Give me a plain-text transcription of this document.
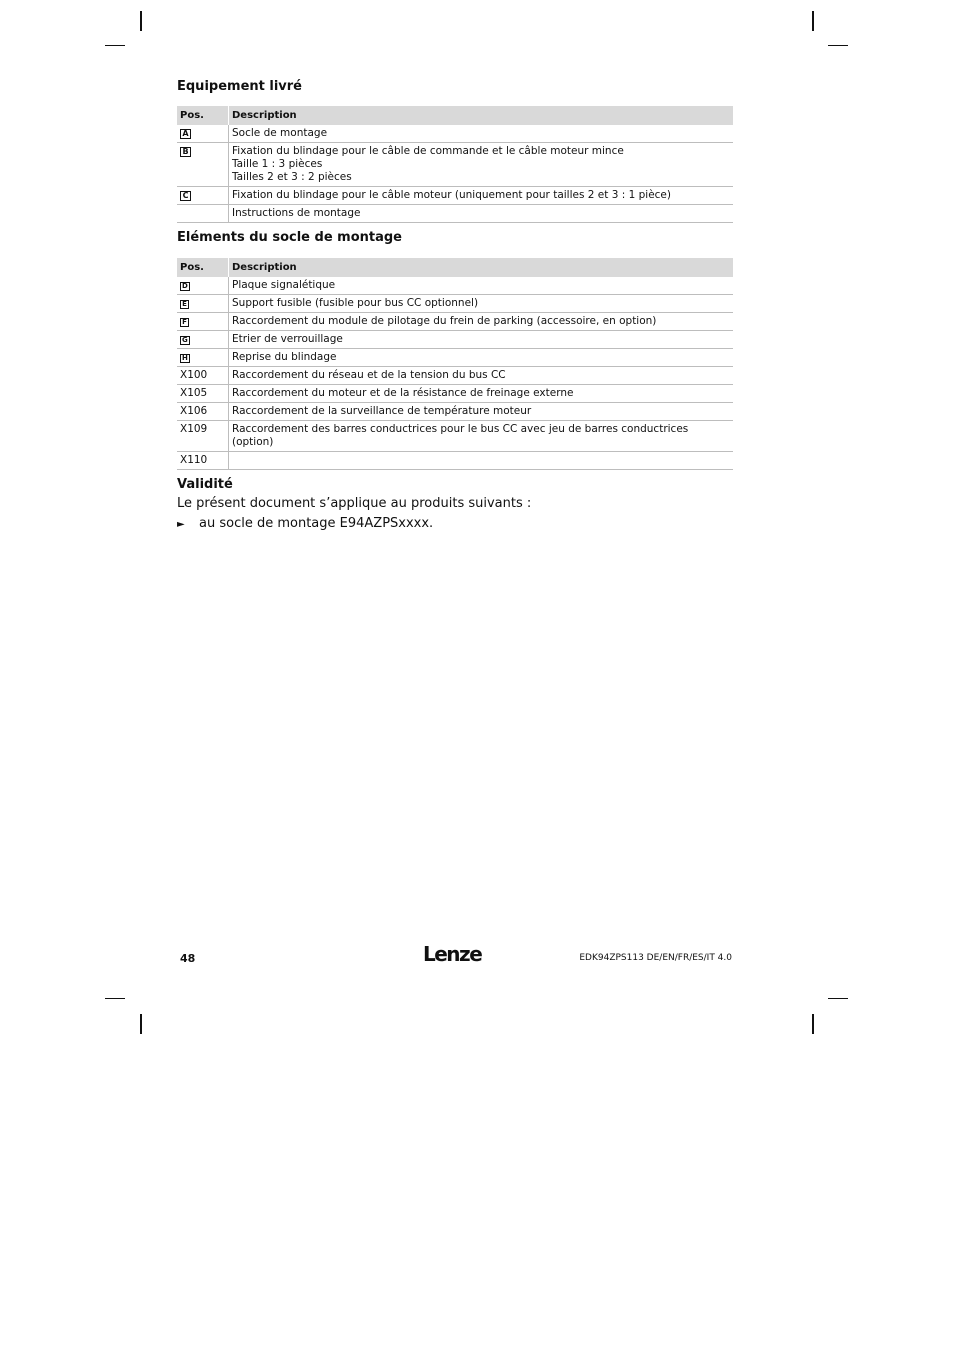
Equipement livré
Pos.	Description
A	Socle de montage
B	Fixation du blindage pour le câble de commande et le câble moteur mince
Taille 1 : 3 pièces
Tailles 2 et 3 : 2 pièces
C	Fixation du blindage pour le câble moteur (uniquement pour tailles 2 et 3 : 1 pièce)
	Instructions de montage
Eléments du socle de montage
Pos.	Description
D	Plaque signalétique
E	Support fusible (fusible pour bus CC optionnel)
F	Raccordement du module de pilotage du frein de parking (accessoire, en option)
G	Etrier de verrouillage
H	Reprise du blindage
X100	Raccordement du réseau et de la tension du bus CC
X105	Raccordement du moteur et de la résistance de freinage externe
X106	Raccordement de la surveillance de température moteur
X109	Raccordement des barres conductrices pour le bus CC avec jeu de barres conductrices (option)
X110	
Validité
Le présent document s’applique au produits suivants :
► au socle de montage E94AZPSxxxx.
48	Lenze	EDK94ZPS113 DE/EN/FR/ES/IT 4.0
